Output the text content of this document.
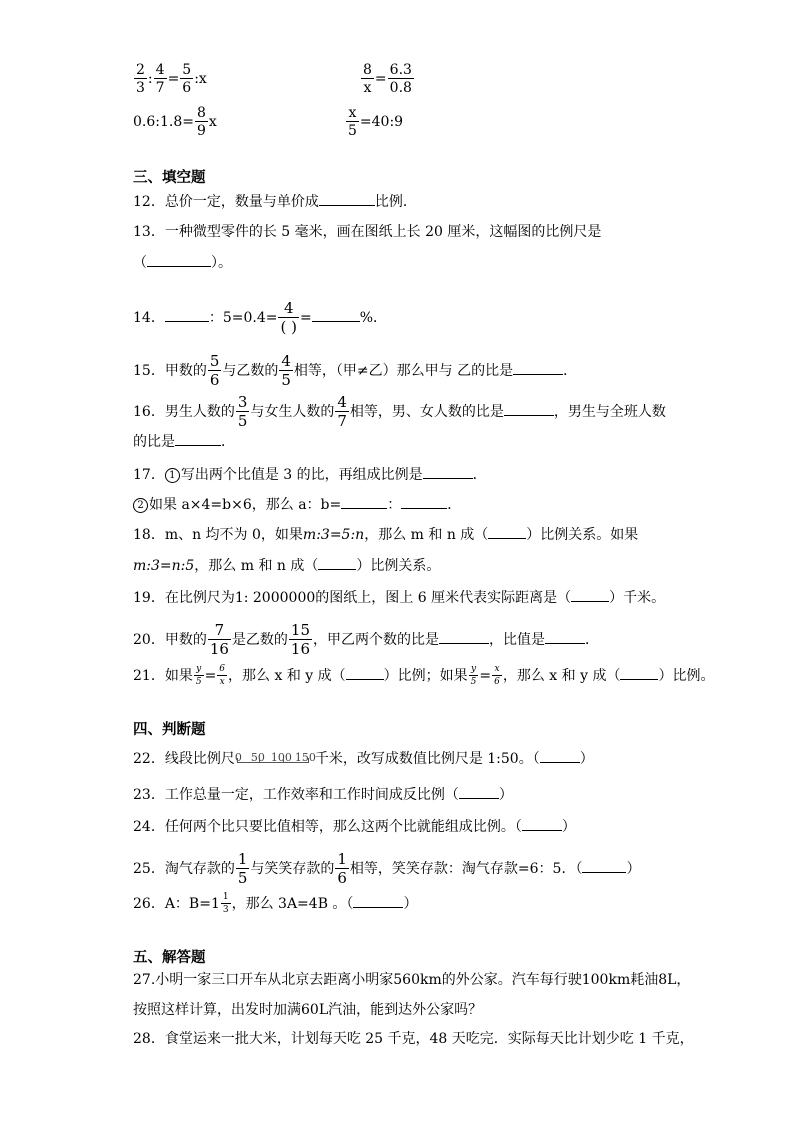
$\frac{2}{3}$ : $\frac{4}{7} = \frac{5}{6}$ :x	$\frac{8}{x} = \frac{6.3}{0.8}$
0.6:1.8= $\frac{8}{9}$ x	$\frac{x}{5}$ =40:9
三、填空题
12．总价一定，数量与单价成	比例．
13．一种微型零件的长 5 毫米，画在图纸上长 20 厘米，这幅图的比例尺是
（	）。
14．	：$5=0.4= \frac{4}{( )}$ =	%．
15．甲数的 $\frac{5}{6}$ 与乙数的 $\frac{4}{5}$ 相等，（甲≠乙）那么甲与 乙的比是	．
16．男生人数的 $\frac{3}{5}$ 与女生人数的 $\frac{4}{7}$ 相等，男、女人数的比是	，男生与全班人数
的比是	．
17． 1 写出两个比值是 3 的比，再组成比例是	．
2 如果 a×4=b×6，那么 a：b=	：	．
18．m、n 均不为 0，如果m:3=5:n，那么 m 和 n 成（	）比例关系。如果
m:3=n:5，那么 m 和 n 成（	）比例关系。
19．在比例尺为1: 2000000的图纸上，图上 6 厘米代表实际距离是（	）千米。
20．甲数的 $\frac{7}{16}$ 是乙数的 $\frac{15}{16}$ ，甲乙两个数的比是	，比值是	．
21．如果 $\frac{y}{5} = \frac{6}{x}$ ，那么 x 和 y 成（	）比例；如果 $\frac{y}{5} = \frac{x}{6}$ ，那么 x 和 y 成（	）比例。
四、判断题
22．线段比例尺 0 50 100 150 千米，改写成数值比例尺是 1:50。（	）
23．工作总量一定，工作效率和工作时间成反比例（	）
24．任何两个比只要比值相等，那么这两个比就能组成比例。（	）
25．淘气存款的 $\frac{1}{5}$ 与笑笑存款的 $\frac{1}{6}$ 相等，笑笑存款：淘气存款=6：5．（	）
26．A：$B=1 \frac{1}{3}$ ，那么 3A=4B 。（	）
五、解答题
27.小明一家三口开车从北京去距离小明家560km的外公家。汽车每行驶100km耗油8L，
按照这样计算，出发时加满60L汽油，能到达外公家吗？
28．食堂运来一批大米，计划每天吃 25 千克，48 天吃完．实际每天比计划少吃 1 千克，
